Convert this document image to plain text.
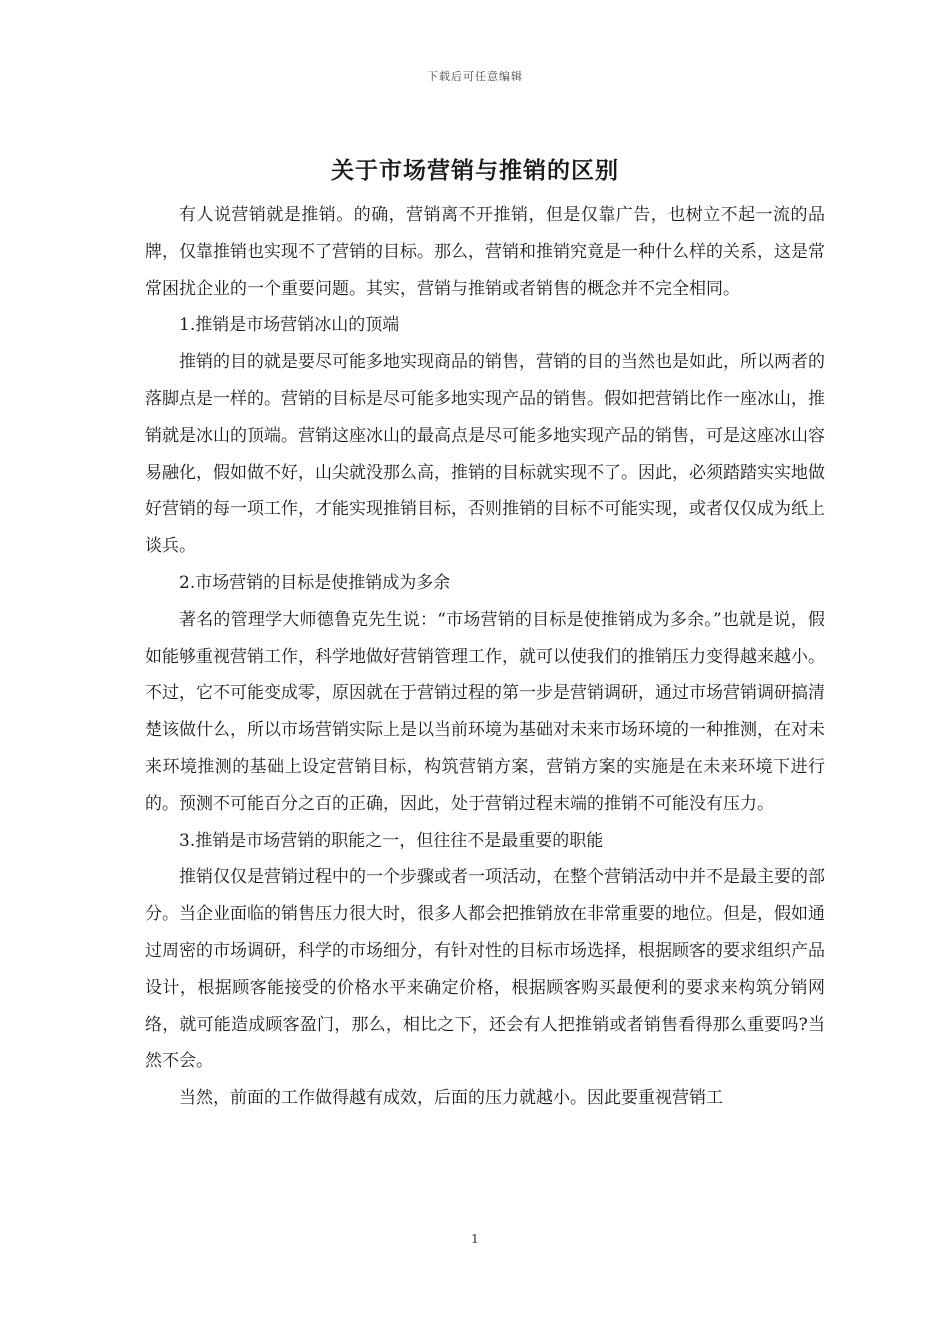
下载后可任意编辑
关于市场营销与推销的区别

有人说营销就是推销。的确，营销离不开推销，但是仅靠广告，也树立不起一流的品牌，仅靠推销也实现不了营销的目标。那么，营销和推销究竟是一种什么样的关系，这是常常困扰企业的一个重要问题。其实，营销与推销或者销售的概念并不完全相同。

1.推销是市场营销冰山的顶端

推销的目的就是要尽可能多地实现商品的销售，营销的目的当然也是如此，所以两者的落脚点是一样的。营销的目标是尽可能多地实现产品的销售。假如把营销比作一座冰山，推销就是冰山的顶端。营销这座冰山的最高点是尽可能多地实现产品的销售，可是这座冰山容易融化，假如做不好，山尖就没那么高，推销的目标就实现不了。因此，必须踏踏实实地做好营销的每一项工作，才能实现推销目标，否则推销的目标不可能实现，或者仅仅成为纸上谈兵。

2.市场营销的目标是使推销成为多余

著名的管理学大师德鲁克先生说：“市场营销的目标是使推销成为多余。”也就是说，假如能够重视营销工作，科学地做好营销管理工作，就可以使我们的推销压力变得越来越小。不过，它不可能变成零，原因就在于营销过程的第一步是营销调研，通过市场营销调研搞清楚该做什么，所以市场营销实际上是以当前环境为基础对未来市场环境的一种推测，在对未来环境推测的基础上设定营销目标，构筑营销方案，营销方案的实施是在未来环境下进行的。预测不可能百分之百的正确，因此，处于营销过程末端的推销不可能没有压力。

3.推销是市场营销的职能之一，但往往不是最重要的职能

推销仅仅是营销过程中的一个步骤或者一项活动，在整个营销活动中并不是最主要的部分。当企业面临的销售压力很大时，很多人都会把推销放在非常重要的地位。但是，假如通过周密的市场调研，科学的市场细分，有针对性的目标市场选择，根据顾客的要求组织产品设计，根据顾客能接受的价格水平来确定价格，根据顾客购买最便利的要求来构筑分销网络，就可能造成顾客盈门，那么，相比之下，还会有人把推销或者销售看得那么重要吗?当然不会。

当然，前面的工作做得越有成效，后面的压力就越小。因此要重视营销工

1
